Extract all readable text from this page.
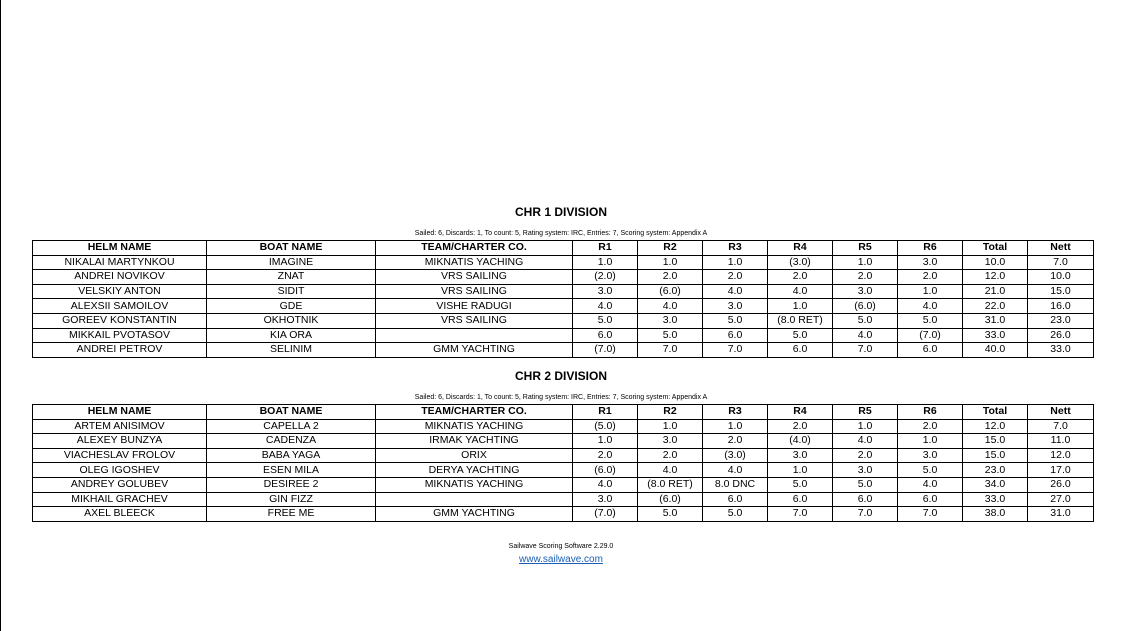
CHR 1 DIVISION

Sailed: 6, Discards: 1, To count: 5, Rating system: IRC, Entries: 7, Scoring system: Appendix A

HELM NAME	BOAT NAME	TEAM/CHARTER CO.	R1	R2	R3	R4	R5	R6	Total	Nett
NIKALAI MARTYNKOU	IMAGINE	MIKNATIS YACHING	1.0	1.0	1.0	(3.0)	1.0	3.0	10.0	7.0
ANDREI NOVIKOV	ZNAT	VRS SAILING	(2.0)	2.0	2.0	2.0	2.0	2.0	12.0	10.0
VELSKIY ANTON	SIDIT	VRS SAILING	3.0	(6.0)	4.0	4.0	3.0	1.0	21.0	15.0
ALEXSII SAMOILOV	GDE	VISHE RADUGI	4.0	4.0	3.0	1.0	(6.0)	4.0	22.0	16.0
GOREEV KONSTANTIN	OKHOTNIK	VRS SAILING	5.0	3.0	5.0	(8.0 RET)	5.0	5.0	31.0	23.0
MIKKAIL PVOTASOV	KIA ORA		6.0	5.0	6.0	5.0	4.0	(7.0)	33.0	26.0
ANDREI PETROV	SELINIM	GMM YACHTING	(7.0)	7.0	7.0	6.0	7.0	6.0	40.0	33.0
CHR 2 DIVISION

Sailed: 6, Discards: 1, To count: 5, Rating system: IRC, Entries: 7, Scoring system: Appendix A

HELM NAME	BOAT NAME	TEAM/CHARTER CO.	R1	R2	R3	R4	R5	R6	Total	Nett
ARTEM ANISIMOV	CAPELLA 2	MIKNATIS YACHING	(5.0)	1.0	1.0	2.0	1.0	2.0	12.0	7.0
ALEXEY BUNZYA	CADENZA	IRMAK YACHTING	1.0	3.0	2.0	(4.0)	4.0	1.0	15.0	11.0
VIACHESLAV FROLOV	BABA YAGA	ORIX	2.0	2.0	(3.0)	3.0	2.0	3.0	15.0	12.0
OLEG IGOSHEV	ESEN MILA	DERYA YACHTING	(6.0)	4.0	4.0	1.0	3.0	5.0	23.0	17.0
ANDREY GOLUBEV	DESIREE 2	MIKNATIS YACHING	4.0	(8.0 RET)	8.0 DNC	5.0	5.0	4.0	34.0	26.0
MIKHAIL GRACHEV	GIN FIZZ		3.0	(6.0)	6.0	6.0	6.0	6.0	33.0	27.0
AXEL BLEECK	FREE ME	GMM YACHTING	(7.0)	5.0	5.0	7.0	7.0	7.0	38.0	31.0
Sailwave Scoring Software 2.29.0
www.sailwave.com
